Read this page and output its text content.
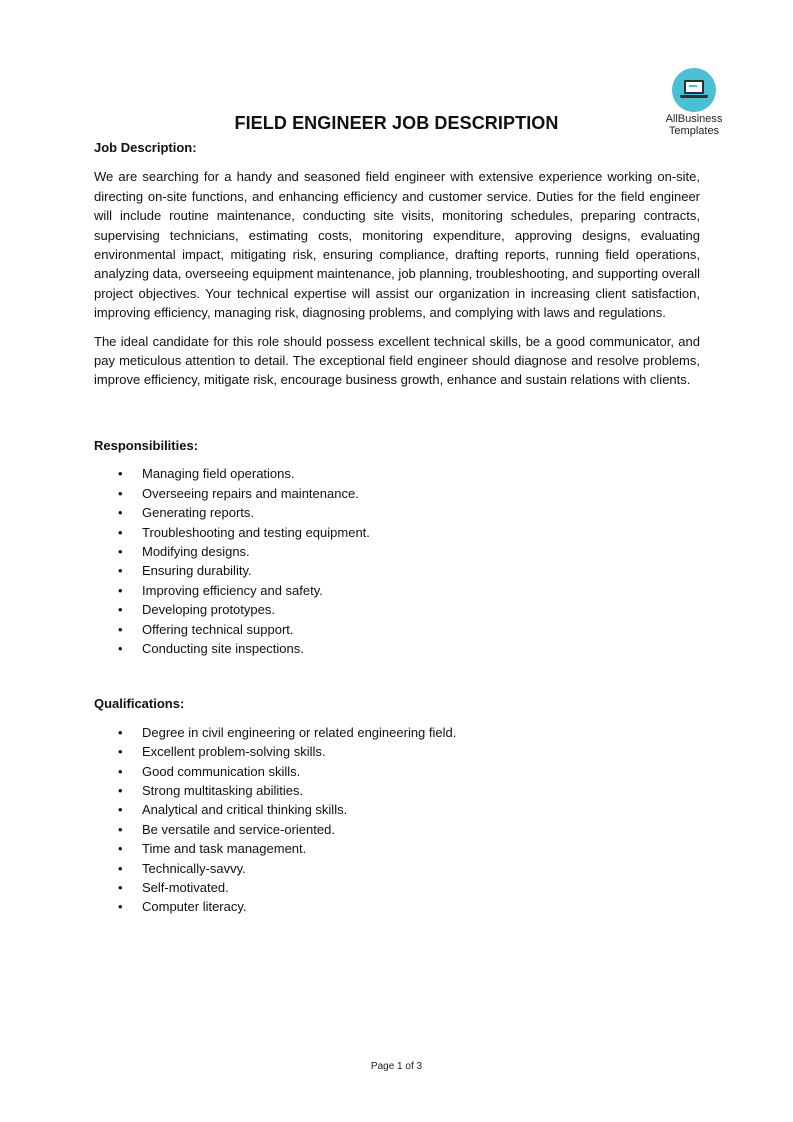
AllBusiness
Templates
FIELD ENGINEER JOB DESCRIPTION

Job Description:

We are searching for a handy and seasoned field engineer with extensive experience working on-site, directing on-site functions, and enhancing efficiency and customer service. Duties for the field engineer will include routine maintenance, conducting site visits, monitoring schedules, preparing contracts, supervising technicians, estimating costs, monitoring expenditure, approving designs, evaluating environmental impact, mitigating risk, ensuring compliance, drafting reports, running field operations, analyzing data, overseeing equipment maintenance, job planning, troubleshooting, and supporting overall project objectives. Your technical expertise will assist our organization in increasing client satisfaction, improving efficiency, managing risk, diagnosing problems, and complying with laws and regulations.

The ideal candidate for this role should possess excellent technical skills, be a good communicator, and pay meticulous attention to detail. The exceptional field engineer should diagnose and resolve problems, improve efficiency, mitigate risk, encourage business growth, enhance and sustain relations with clients.

Responsibilities:

• Managing field operations.
• Overseeing repairs and maintenance.
• Generating reports.
• Troubleshooting and testing equipment.
• Modifying designs.
• Ensuring durability.
• Improving efficiency and safety.
• Developing prototypes.
• Offering technical support.
• Conducting site inspections.

Qualifications:

• Degree in civil engineering or related engineering field.
• Excellent problem-solving skills.
• Good communication skills.
• Strong multitasking abilities.
• Analytical and critical thinking skills.
• Be versatile and service-oriented.
• Time and task management.
• Technically-savvy.
• Self-motivated.
• Computer literacy.
Page 1 of 3
